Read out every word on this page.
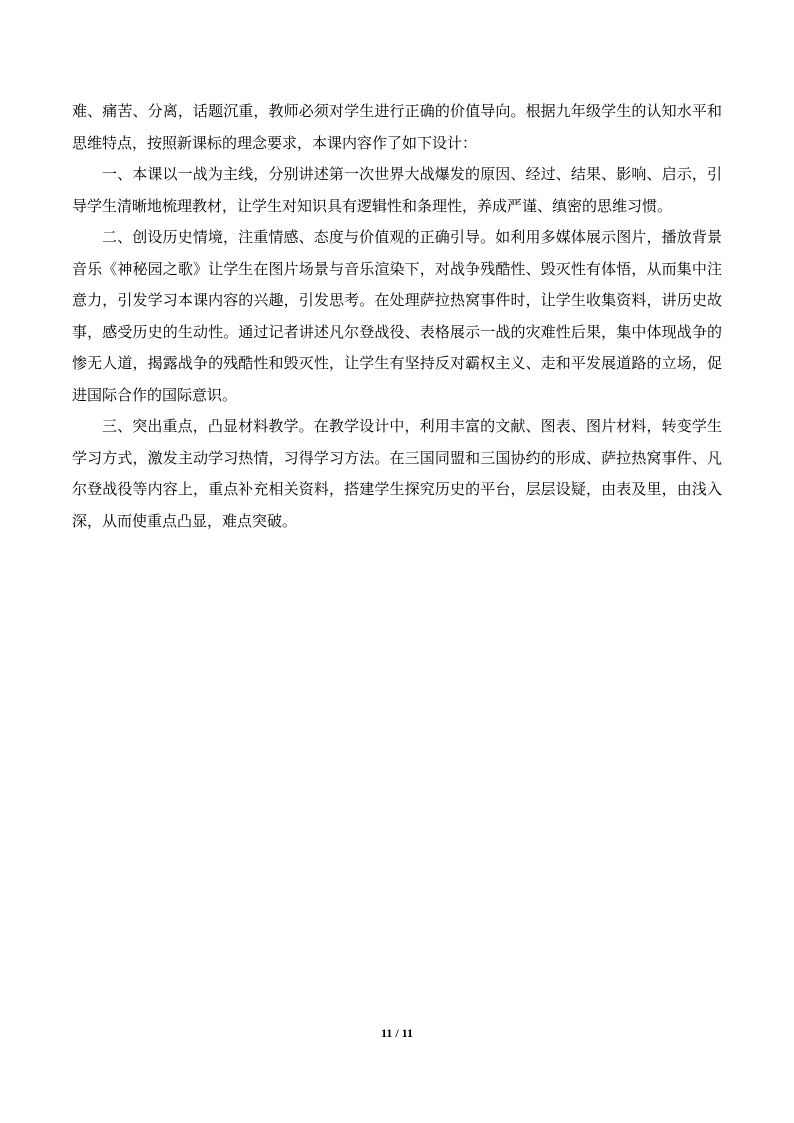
难、痛苦、分离，话题沉重，教师必须对学生进行正确的价值导向。根据九年级学生的认知水平和思维特点，按照新课标的理念要求，本课内容作了如下设计：

一、本课以一战为主线，分别讲述第一次世界大战爆发的原因、经过、结果、影响、启示，引导学生清晰地梳理教材，让学生对知识具有逻辑性和条理性，养成严谨、缜密的思维习惯。

二、创设历史情境，注重情感、态度与价值观的正确引导。如利用多媒体展示图片，播放背景音乐《神秘园之歌》让学生在图片场景与音乐渲染下，对战争残酷性、毁灭性有体悟，从而集中注意力，引发学习本课内容的兴趣，引发思考。在处理萨拉热窝事件时，让学生收集资料，讲历史故事，感受历史的生动性。通过记者讲述凡尔登战役、表格展示一战的灾难性后果，集中体现战争的惨无人道，揭露战争的残酷性和毁灭性，让学生有坚持反对霸权主义、走和平发展道路的立场，促进国际合作的国际意识。

三、突出重点，凸显材料教学。在教学设计中，利用丰富的文献、图表、图片材料，转变学生学习方式，激发主动学习热情，习得学习方法。在三国同盟和三国协约的形成、萨拉热窝事件、凡尔登战役等内容上，重点补充相关资料，搭建学生探究历史的平台，层层设疑，由表及里，由浅入深，从而使重点凸显，难点突破。

11 / 11
